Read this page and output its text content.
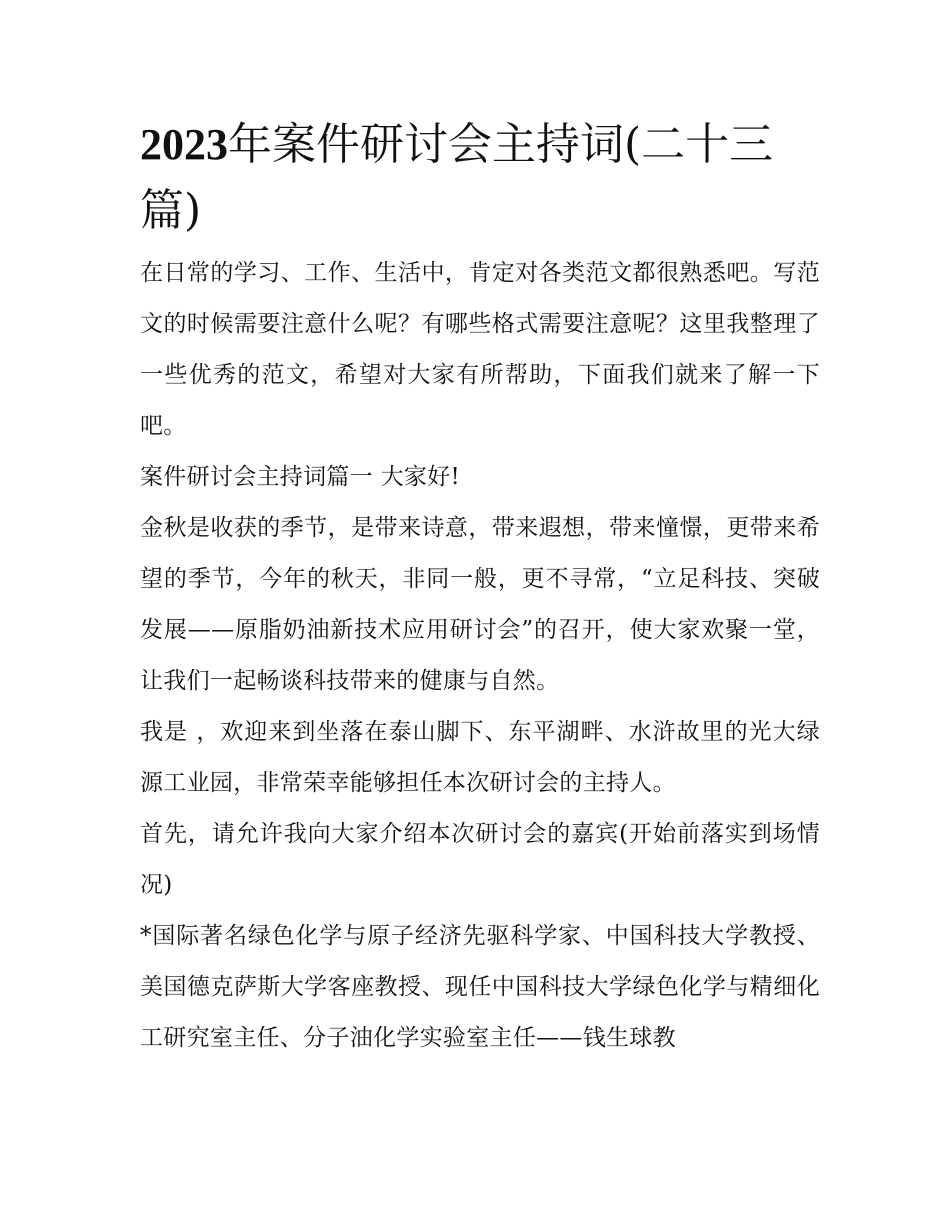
2023年案件研讨会主持词(二十三篇)

在日常的学习、工作、生活中，肯定对各类范文都很熟悉吧。写范文的时候需要注意什么呢？有哪些格式需要注意呢？这里我整理了一些优秀的范文，希望对大家有所帮助，下面我们就来了解一下吧。

案件研讨会主持词篇一 大家好!

金秋是收获的季节，是带来诗意，带来遐想，带来憧憬，更带来希望的季节，今年的秋天，非同一般，更不寻常，“立足科技、突破发展——原脂奶油新技术应用研讨会”的召开，使大家欢聚一堂，让我们一起畅谈科技带来的健康与自然。

我是 ，欢迎来到坐落在泰山脚下、东平湖畔、水浒故里的光大绿源工业园，非常荣幸能够担任本次研讨会的主持人。

首先，请允许我向大家介绍本次研讨会的嘉宾(开始前落实到场情况)

*国际著名绿色化学与原子经济先驱科学家、中国科技大学教授、美国德克萨斯大学客座教授、现任中国科技大学绿色化学与精细化工研究室主任、分子油化学实验室主任——钱生球教
